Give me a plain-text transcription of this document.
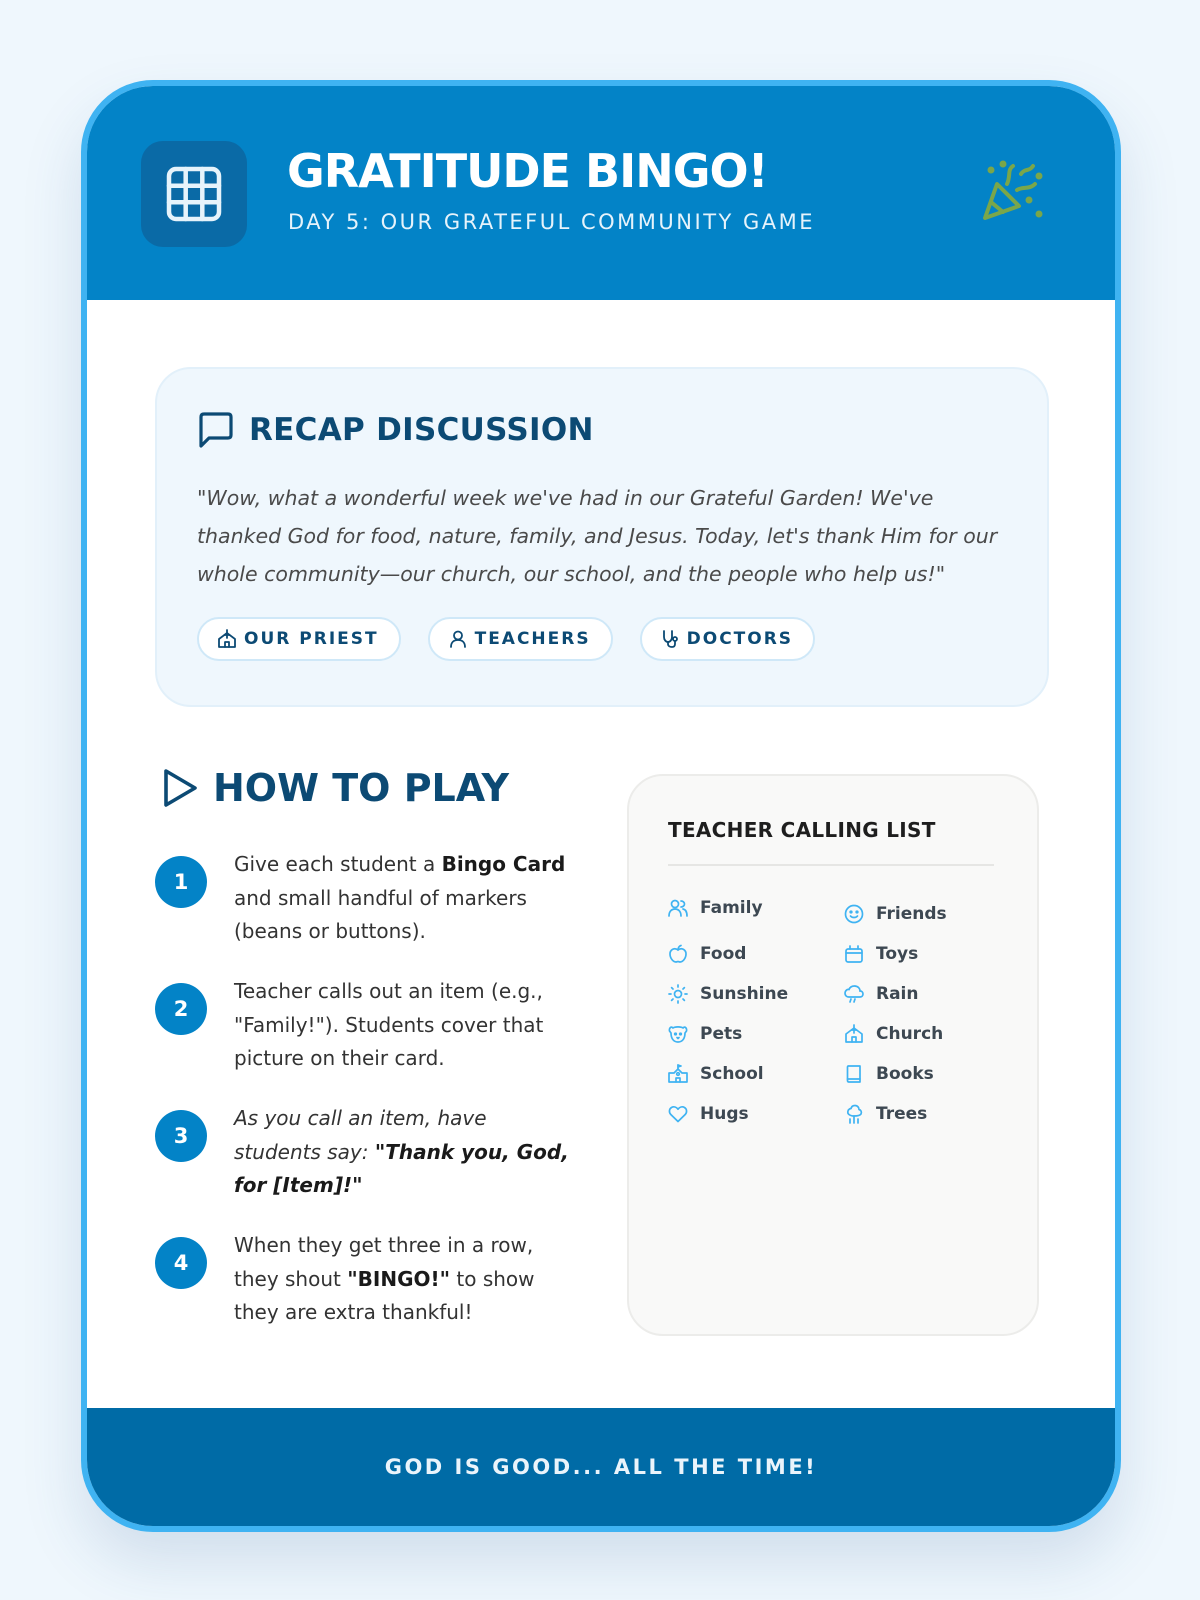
GRATITUDE BINGO!
DAY 5: OUR GRATEFUL COMMUNITY GAME
RECAP DISCUSSION

"Wow, what a wonderful week we've had in our Grateful Garden! We've thanked God for food, nature, family, and Jesus. Today, let's thank Him for our whole community—our church, our school, and the people who help us!"

OUR PRIEST	TEACHERS	DOCTORS
HOW TO PLAY
1

Give each student a Bingo Card and small handful of markers (beans or buttons).

2

Teacher calls out an item (e.g., "Family!"). Students cover that picture on their card.

3

As you call an item, have students say: "Thank you, God, for [Item]!"

4

When they get three in a row, they shout "BINGO!" to show they are extra thankful!

TEACHER CALLING LIST
Family	Friends
Food	Toys
Sunshine	Rain
Pets	Church
School	Books
Hugs	Trees
GOD IS GOOD... ALL THE TIME!
